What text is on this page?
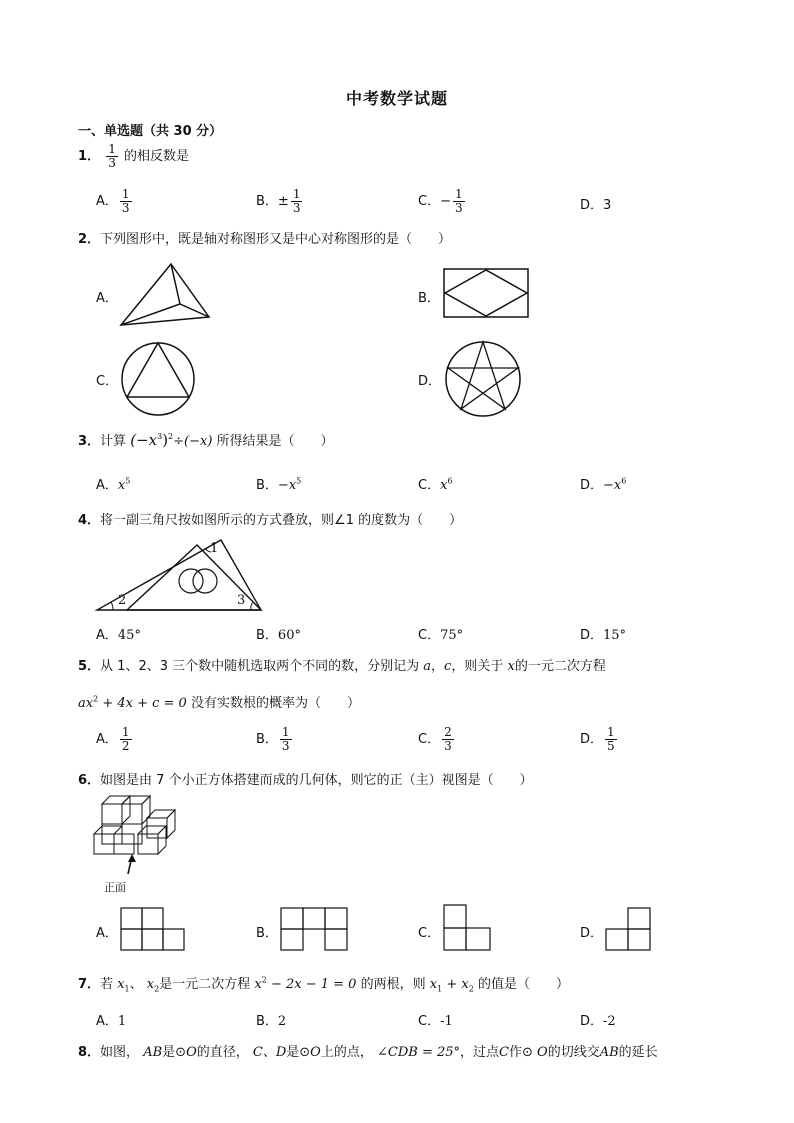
中考数学试题
一、单选题（共 30 分）
1． $\frac{1}{3}$ 的相反数是
A． $\frac{1}{3}$	B．± $\frac{1}{3}$	C．− $\frac{1}{3}$	D．3
2．下列图形中，既是轴对称图形又是中心对称图形的是（　　）
A．	B．
C．	D．
3．计算 $(-x^3)^2\div(-x)$ 所得结果是（　　）
A．$x^5$	B．$-x^5$	C．$x^6$	D．$-x^6$
4．将一副三角尺按如图所示的方式叠放，则∠1 的度数为（　　）
1
2	3
A．45°	B．60°	C．75°	D．15°
5．从 1、2、3 三个数中随机选取两个不同的数，分别记为 a，c，则关于 x的一元二次方程
$ax^2 + 4x + c = 0$ 没有实数根的概率为（　　）
A． $\frac{1}{2}$	B． $\frac{1}{3}$	C． $\frac{2}{3}$	D． $\frac{1}{5}$
6．如图是由 7 个小正方体搭建而成的几何体，则它的正（主）视图是（　　）
正面
A．	B．	C．	D．
7．若 $x_1$、 $x_2$是一元二次方程 $x^2 - 2x - 1 = 0$ 的两根，则 $x_1 + x_2$ 的值是（　　）
A．1	B．2	C．-1	D．-2
8．如图， AB是⊙O的直径， C、D是⊙O上的点， ∠CDB = 25°，过点C作⊙ O的切线交AB的延长
